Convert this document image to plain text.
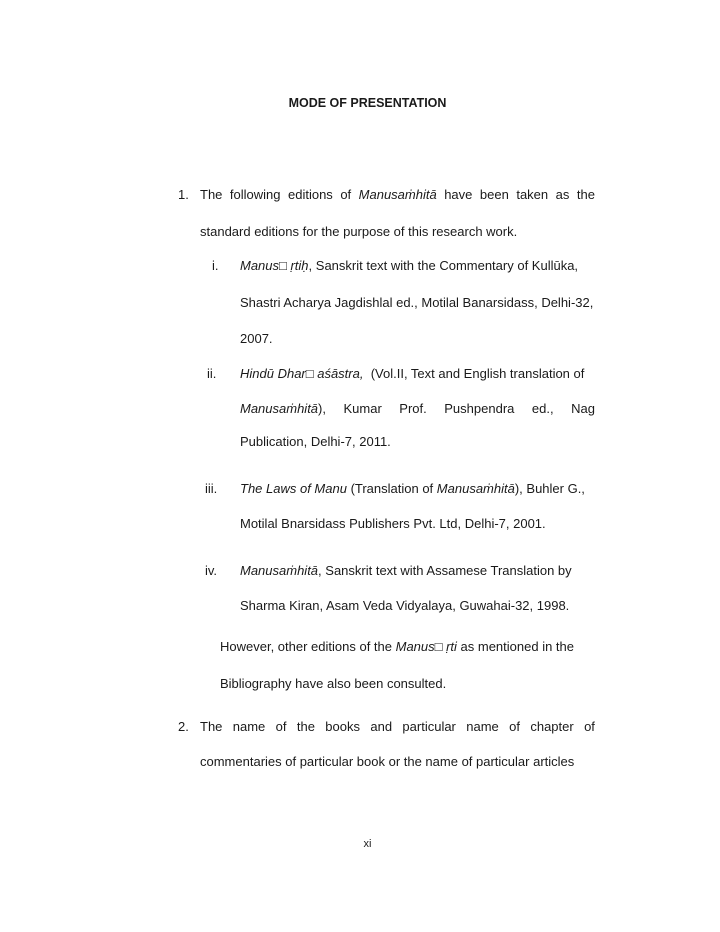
MODE OF PRESENTATION
1. The following editions of Manusaṁhitā have been taken as the
standard editions for the purpose of this research work.
i. Manus□ ṛtiḥ, Sanskrit text with the Commentary of Kullūka,
Shastri Acharya Jagdishlal ed., Motilal Banarsidass, Delhi-32,
2007.
ii. Hindū Dhar□ aśāstra, (Vol.II, Text and English translation of
Manusaṁhitā), Kumar Prof. Pushpendra ed., Nag
Publication, Delhi-7, 2011.
iii. The Laws of Manu (Translation of Manusaṁhitā), Buhler G.,
Motilal Bnarsidass Publishers Pvt. Ltd, Delhi-7, 2001.
iv. Manusaṁhitā, Sanskrit text with Assamese Translation by
Sharma Kiran, Asam Veda Vidyalaya, Guwahai-32, 1998.
However, other editions of the Manus□ ṛti as mentioned in the
Bibliography have also been consulted.
2. The name of the books and particular name of chapter of
commentaries of particular book or the name of particular articles
xi
